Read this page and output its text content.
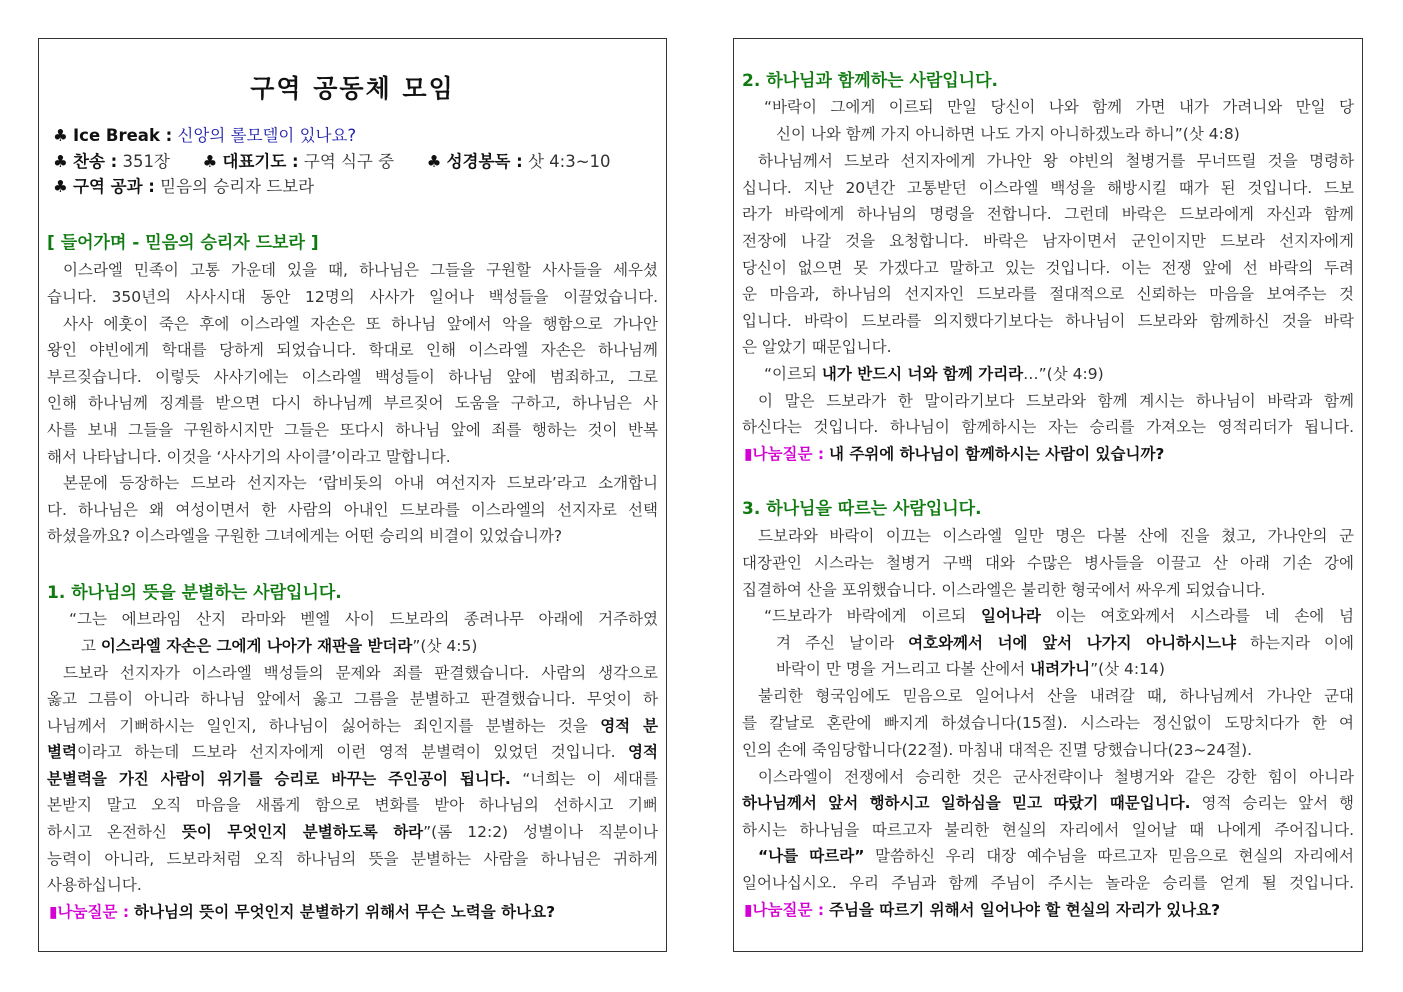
구역 공동체 모임
♣ Ice Break : 신앙의 롤모델이 있나요?
♣ 찬송 : 351장 ♣ 대표기도 : 구역 식구 중 ♣ 성경봉독 : 삿 4:3~10
♣ 구역 공과 : 믿음의 승리자 드보라
[ 들어가며 - 믿음의 승리자 드보라 ]
이스라엘 민족이 고통 가운데 있을 때, 하나님은 그들을 구원할 사사들을 세우셨
습니다. 350년의 사사시대 동안 12명의 사사가 일어나 백성들을 이끌었습니다.
사사 에훗이 죽은 후에 이스라엘 자손은 또 하나님 앞에서 악을 행함으로 가나안
왕인 야빈에게 학대를 당하게 되었습니다. 학대로 인해 이스라엘 자손은 하나님께
부르짖습니다. 이렇듯 사사기에는 이스라엘 백성들이 하나님 앞에 범죄하고, 그로
인해 하나님께 징계를 받으면 다시 하나님께 부르짖어 도움을 구하고, 하나님은 사
사를 보내 그들을 구원하시지만 그들은 또다시 하나님 앞에 죄를 행하는 것이 반복
해서 나타납니다. 이것을 ‘사사기의 사이클’이라고 말합니다.
본문에 등장하는 드보라 선지자는 ‘랍비돗의 아내 여선지자 드보라’라고 소개합니
다. 하나님은 왜 여성이면서 한 사람의 아내인 드보라를 이스라엘의 선지자로 선택
하셨을까요? 이스라엘을 구원한 그녀에게는 어떤 승리의 비결이 있었습니까?
1. 하나님의 뜻을 분별하는 사람입니다.
“그는 에브라임 산지 라마와 벧엘 사이 드보라의 종려나무 아래에 거주하였
고 이스라엘 자손은 그에게 나아가 재판을 받더라”(삿 4:5)
드보라 선지자가 이스라엘 백성들의 문제와 죄를 판결했습니다. 사람의 생각으로
옳고 그름이 아니라 하나님 앞에서 옳고 그름을 분별하고 판결했습니다. 무엇이 하
나님께서 기뻐하시는 일인지, 하나님이 싫어하는 죄인지를 분별하는 것을 영적 분
별력이라고 하는데 드보라 선지자에게 이런 영적 분별력이 있었던 것입니다. 영적
분별력을 가진 사람이 위기를 승리로 바꾸는 주인공이 됩니다. “너희는 이 세대를
본받지 말고 오직 마음을 새롭게 함으로 변화를 받아 하나님의 선하시고 기뻐
하시고 온전하신 뜻이 무엇인지 분별하도록 하라”(롬 12:2) 성별이나 직분이나
능력이 아니라, 드보라처럼 오직 하나님의 뜻을 분별하는 사람을 하나님은 귀하게
사용하십니다.
▮나눔질문 : 하나님의 뜻이 무엇인지 분별하기 위해서 무슨 노력을 하나요?
2. 하나님과 함께하는 사람입니다.
“바락이 그에게 이르되 만일 당신이 나와 함께 가면 내가 가려니와 만일 당
신이 나와 함께 가지 아니하면 나도 가지 아니하겠노라 하니”(삿 4:8)
하나님께서 드보라 선지자에게 가나안 왕 야빈의 철병거를 무너뜨릴 것을 명령하
십니다. 지난 20년간 고통받던 이스라엘 백성을 해방시킬 때가 된 것입니다. 드보
라가 바락에게 하나님의 명령을 전합니다. 그런데 바락은 드보라에게 자신과 함께
전장에 나갈 것을 요청합니다. 바락은 남자이면서 군인이지만 드보라 선지자에게
당신이 없으면 못 가겠다고 말하고 있는 것입니다. 이는 전쟁 앞에 선 바락의 두려
운 마음과, 하나님의 선지자인 드보라를 절대적으로 신뢰하는 마음을 보여주는 것
입니다. 바락이 드보라를 의지했다기보다는 하나님이 드보라와 함께하신 것을 바락
은 알았기 때문입니다.
“이르되 내가 반드시 너와 함께 가리라…”(삿 4:9)
이 말은 드보라가 한 말이라기보다 드보라와 함께 계시는 하나님이 바락과 함께
하신다는 것입니다. 하나님이 함께하시는 자는 승리를 가져오는 영적리더가 됩니다.
▮나눔질문 : 내 주위에 하나님이 함께하시는 사람이 있습니까?
3. 하나님을 따르는 사람입니다.
드보라와 바락이 이끄는 이스라엘 일만 명은 다볼 산에 진을 쳤고, 가나안의 군
대장관인 시스라는 철병거 구백 대와 수많은 병사들을 이끌고 산 아래 기손 강에
집결하여 산을 포위했습니다. 이스라엘은 불리한 형국에서 싸우게 되었습니다.
“드보라가 바락에게 이르되 일어나라 이는 여호와께서 시스라를 네 손에 넘
겨 주신 날이라 여호와께서 너에 앞서 나가지 아니하시느냐 하는지라 이에
바락이 만 명을 거느리고 다볼 산에서 내려가니”(삿 4:14)
불리한 형국임에도 믿음으로 일어나서 산을 내려갈 때, 하나님께서 가나안 군대
를 칼날로 혼란에 빠지게 하셨습니다(15절). 시스라는 정신없이 도망치다가 한 여
인의 손에 죽임당합니다(22절). 마침내 대적은 진멸 당했습니다(23~24절).
이스라엘이 전쟁에서 승리한 것은 군사전략이나 철병거와 같은 강한 힘이 아니라
하나님께서 앞서 행하시고 일하심을 믿고 따랐기 때문입니다. 영적 승리는 앞서 행
하시는 하나님을 따르고자 불리한 현실의 자리에서 일어날 때 나에게 주어집니다.
“나를 따르라” 말씀하신 우리 대장 예수님을 따르고자 믿음으로 현실의 자리에서
일어나십시오. 우리 주님과 함께 주님이 주시는 놀라운 승리를 얻게 될 것입니다.
▮나눔질문 : 주님을 따르기 위해서 일어나야 할 현실의 자리가 있나요?
